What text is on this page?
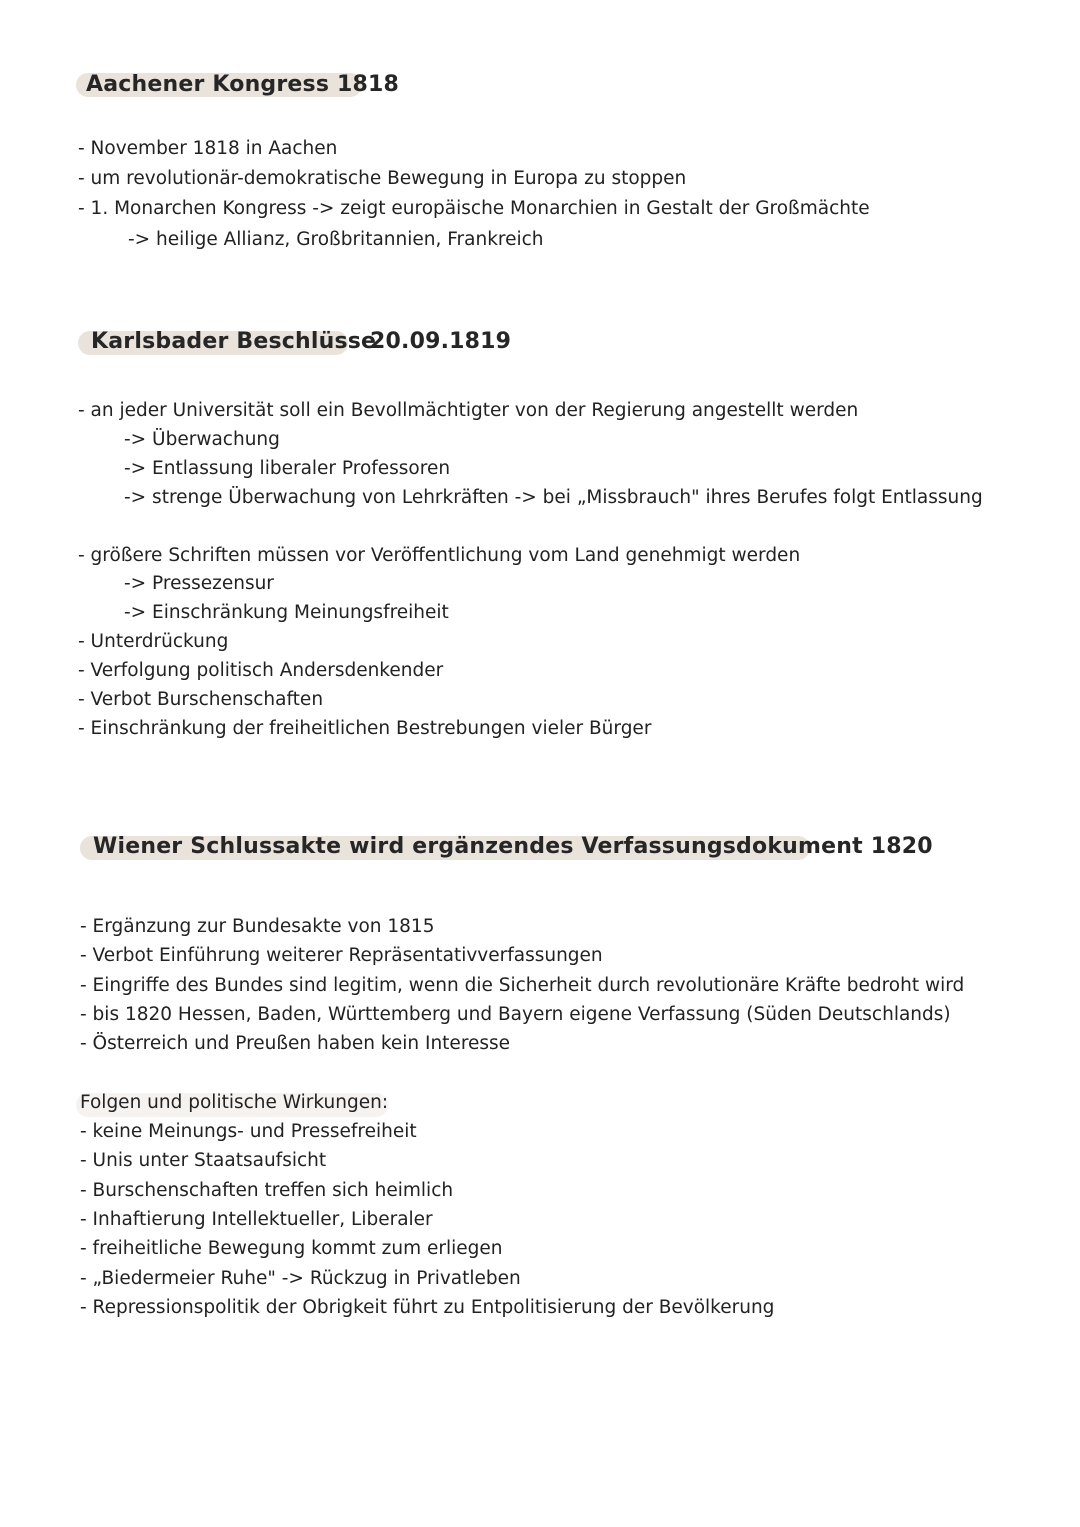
Aachener Kongress 1818
- November 1818 in Aachen
- um revolutionär-demokratische Bewegung in Europa zu stoppen
- 1. Monarchen Kongress -> zeigt europäische Monarchien in Gestalt der Großmächte
-> heilige Allianz, Großbritannien, Frankreich
Karlsbader Beschlüsse
20.09.1819
- an jeder Universität soll ein Bevollmächtigter von der Regierung angestellt werden
-> Überwachung
-> Entlassung liberaler Professoren
-> strenge Überwachung von Lehrkräften -> bei „Missbrauch" ihres Berufes folgt Entlassung
- größere Schriften müssen vor Veröffentlichung vom Land genehmigt werden
-> Pressezensur
-> Einschränkung Meinungsfreiheit
- Unterdrückung
- Verfolgung politisch Andersdenkender
- Verbot Burschenschaften
- Einschränkung der freiheitlichen Bestrebungen vieler Bürger
Wiener Schlussakte wird ergänzendes Verfassungsdokument 1820
- Ergänzung zur Bundesakte von 1815
- Verbot Einführung weiterer Repräsentativverfassungen
- Eingriffe des Bundes sind legitim, wenn die Sicherheit durch revolutionäre Kräfte bedroht wird
- bis 1820 Hessen, Baden, Württemberg und Bayern eigene Verfassung (Süden Deutschlands)
- Österreich und Preußen haben kein Interesse
Folgen und politische Wirkungen:
- keine Meinungs- und Pressefreiheit
- Unis unter Staatsaufsicht
- Burschenschaften treffen sich heimlich
- Inhaftierung Intellektueller, Liberaler
- freiheitliche Bewegung kommt zum erliegen
- „Biedermeier Ruhe" -> Rückzug in Privatleben
- Repressionspolitik der Obrigkeit führt zu Entpolitisierung der Bevölkerung
